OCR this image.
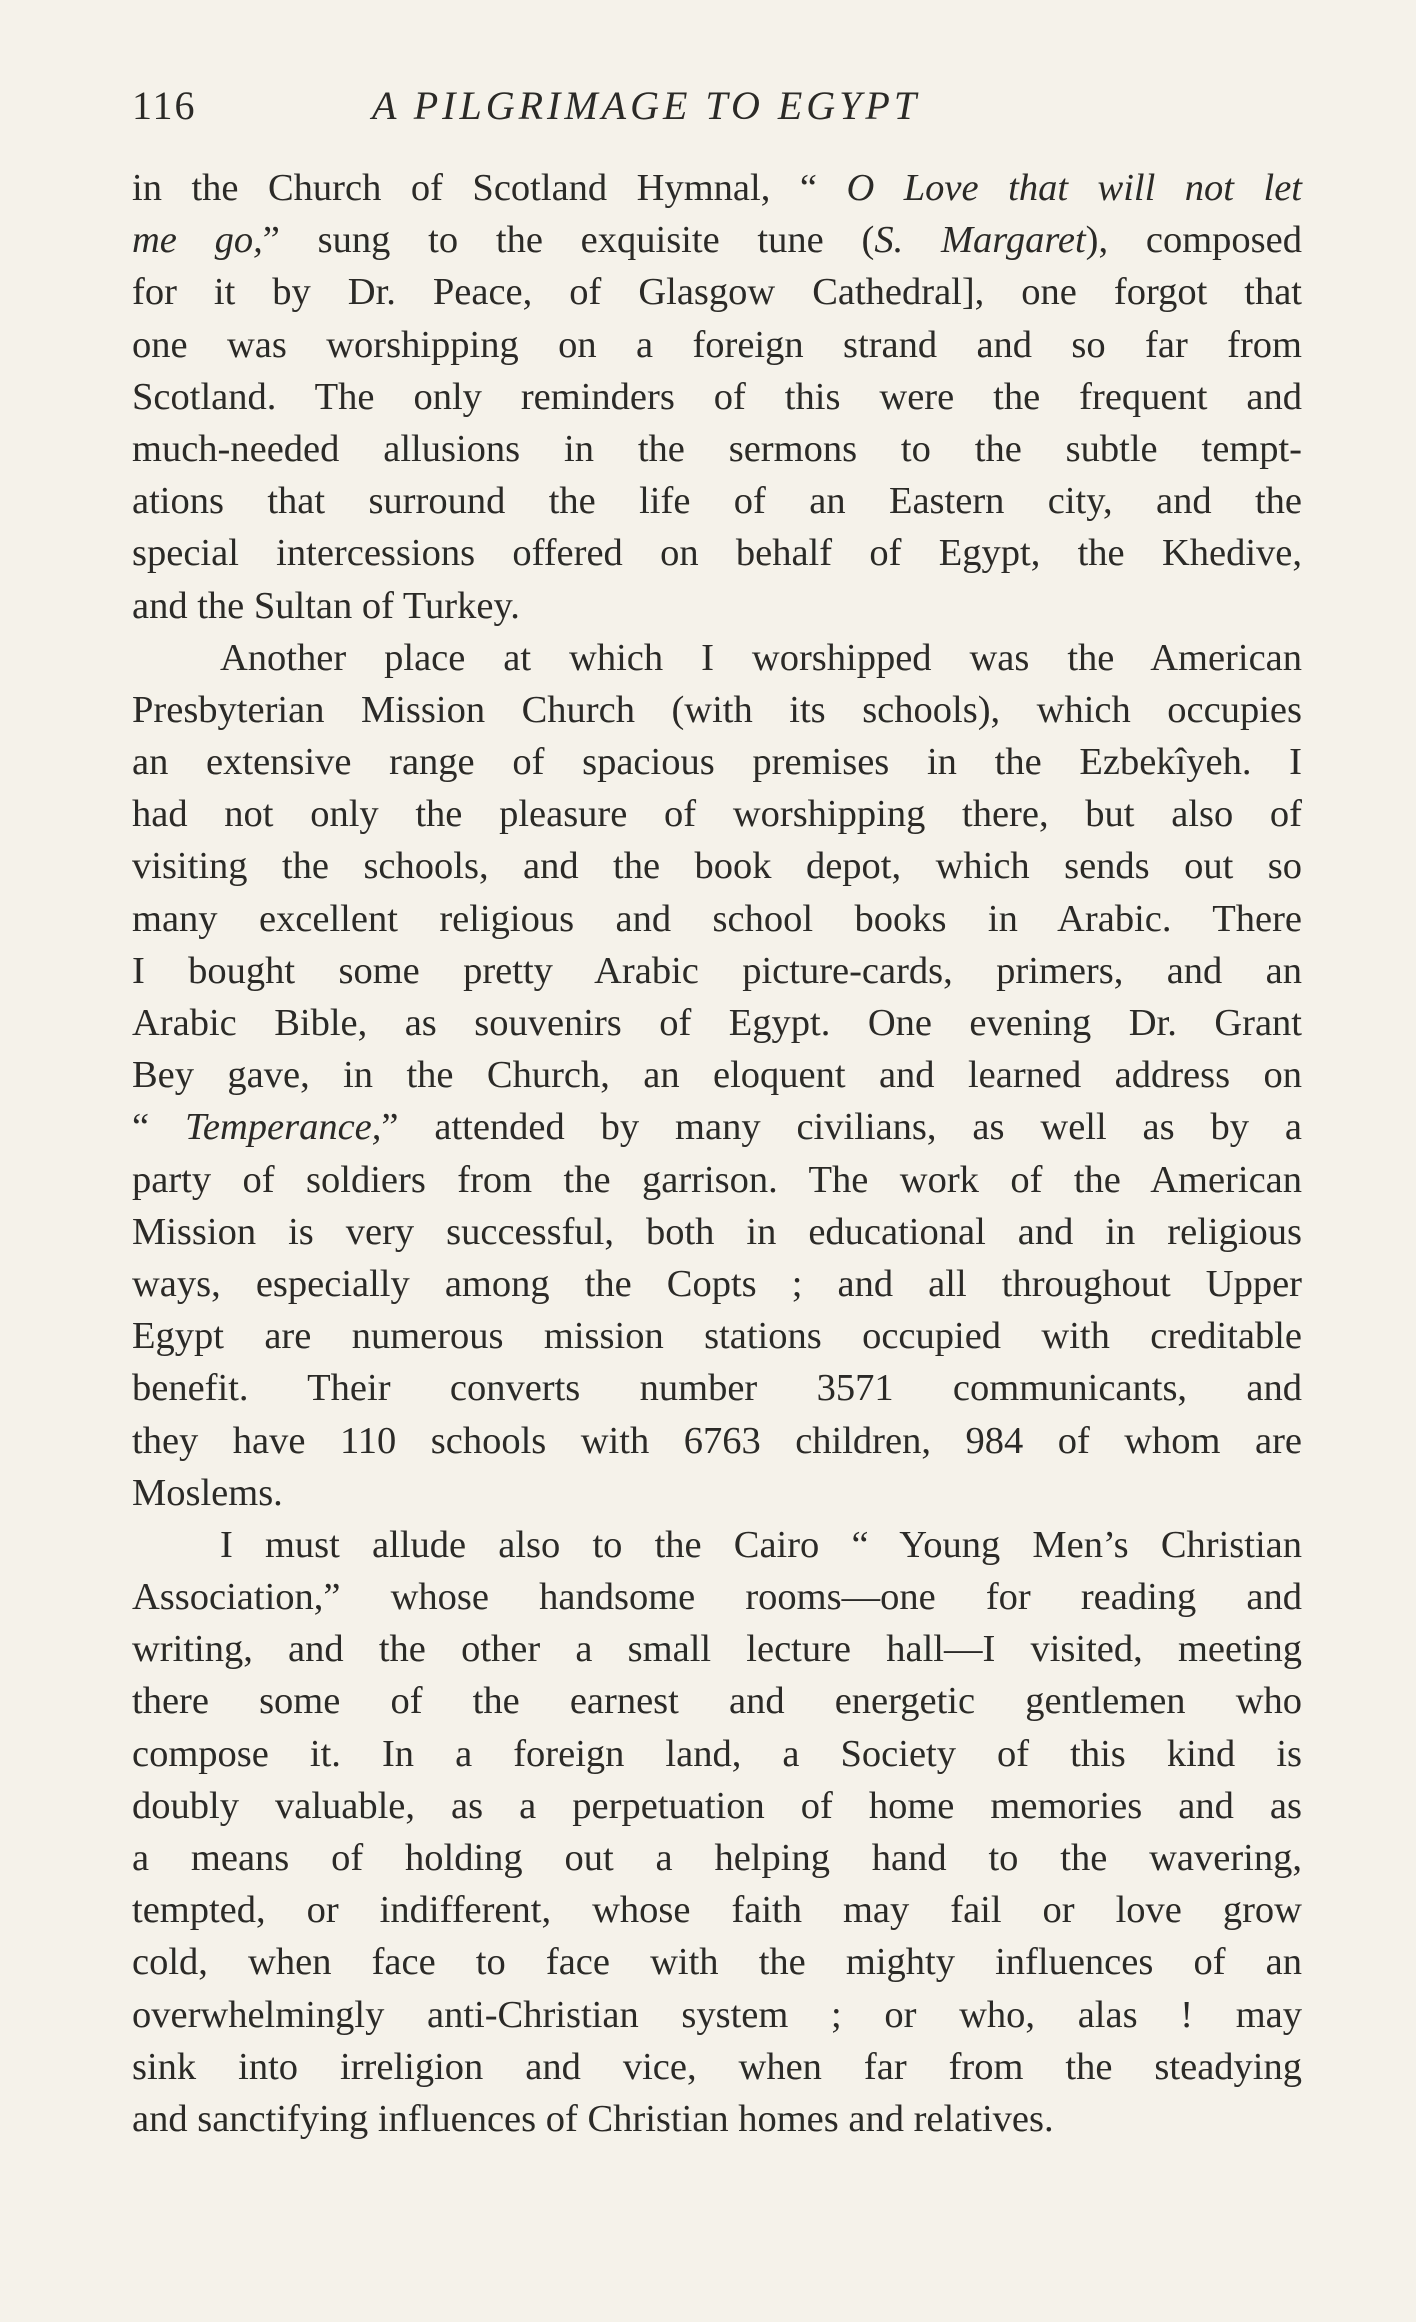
116	A PILGRIMAGE TO EGYPT
in the Church of Scotland Hymnal, “ O Love that will not let
me go,” sung to the exquisite tune (S. Margaret), composed
for it by Dr. Peace, of Glasgow Cathedral], one forgot that
one was worshipping on a foreign strand and so far from
Scotland. The only reminders of this were the frequent and
much-needed allusions in the sermons to the subtle tempt-
ations that surround the life of an Eastern city, and the
special intercessions offered on behalf of Egypt, the Khedive,
and the Sultan of Turkey.
Another place at which I worshipped was the American
Presbyterian Mission Church (with its schools), which occupies
an extensive range of spacious premises in the Ezbekîyeh. I
had not only the pleasure of worshipping there, but also of
visiting the schools, and the book depot, which sends out so
many excellent religious and school books in Arabic. There
I bought some pretty Arabic picture-cards, primers, and an
Arabic Bible, as souvenirs of Egypt. One evening Dr. Grant
Bey gave, in the Church, an eloquent and learned address on
“ Temperance,” attended by many civilians, as well as by a
party of soldiers from the garrison. The work of the American
Mission is very successful, both in educational and in religious
ways, especially among the Copts ; and all throughout Upper
Egypt are numerous mission stations occupied with creditable
benefit. Their converts number 3571 communicants, and
they have 110 schools with 6763 children, 984 of whom are
Moslems.
I must allude also to the Cairo “ Young Men’s Christian
Association,” whose handsome rooms—one for reading and
writing, and the other a small lecture hall—I visited, meeting
there some of the earnest and energetic gentlemen who
compose it. In a foreign land, a Society of this kind is
doubly valuable, as a perpetuation of home memories and as
a means of holding out a helping hand to the wavering,
tempted, or indifferent, whose faith may fail or love grow
cold, when face to face with the mighty influences of an
overwhelmingly anti-Christian system ; or who, alas ! may
sink into irreligion and vice, when far from the steadying
and sanctifying influences of Christian homes and relatives.
